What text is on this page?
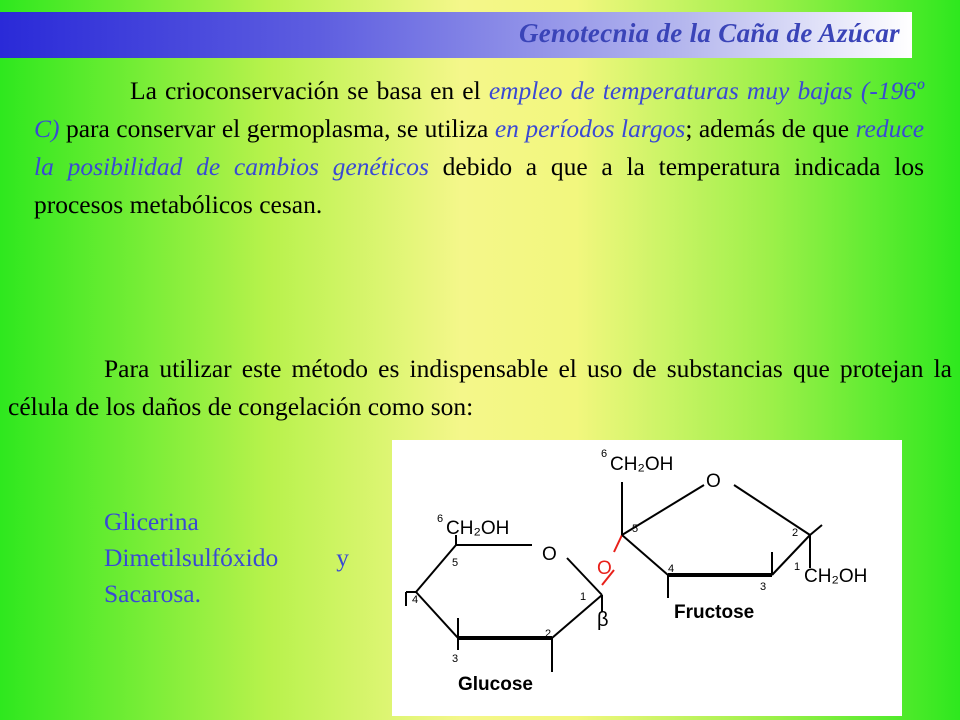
Genotecnia de la Caña de Azúcar

La crioconservación se basa en el empleo de temperaturas muy bajas (-196º C) para conservar el germoplasma, se utiliza en períodos largos; además de que reduce la posibilidad de cambios genéticos debido a que a la temperatura indicada los procesos metabólicos cesan.

Para utilizar este método es indispensable el uso de substancias que protejan la célula de los daños de congelación como son:

Glicerina
Dimetilsulfóxido y
Sacarosa.
6 CH₂OH
O
5
4
3
2
1
Glucose
O
β
6 CH₂OH
O
5
4
3
2
1 CH₂OH
Fructose
